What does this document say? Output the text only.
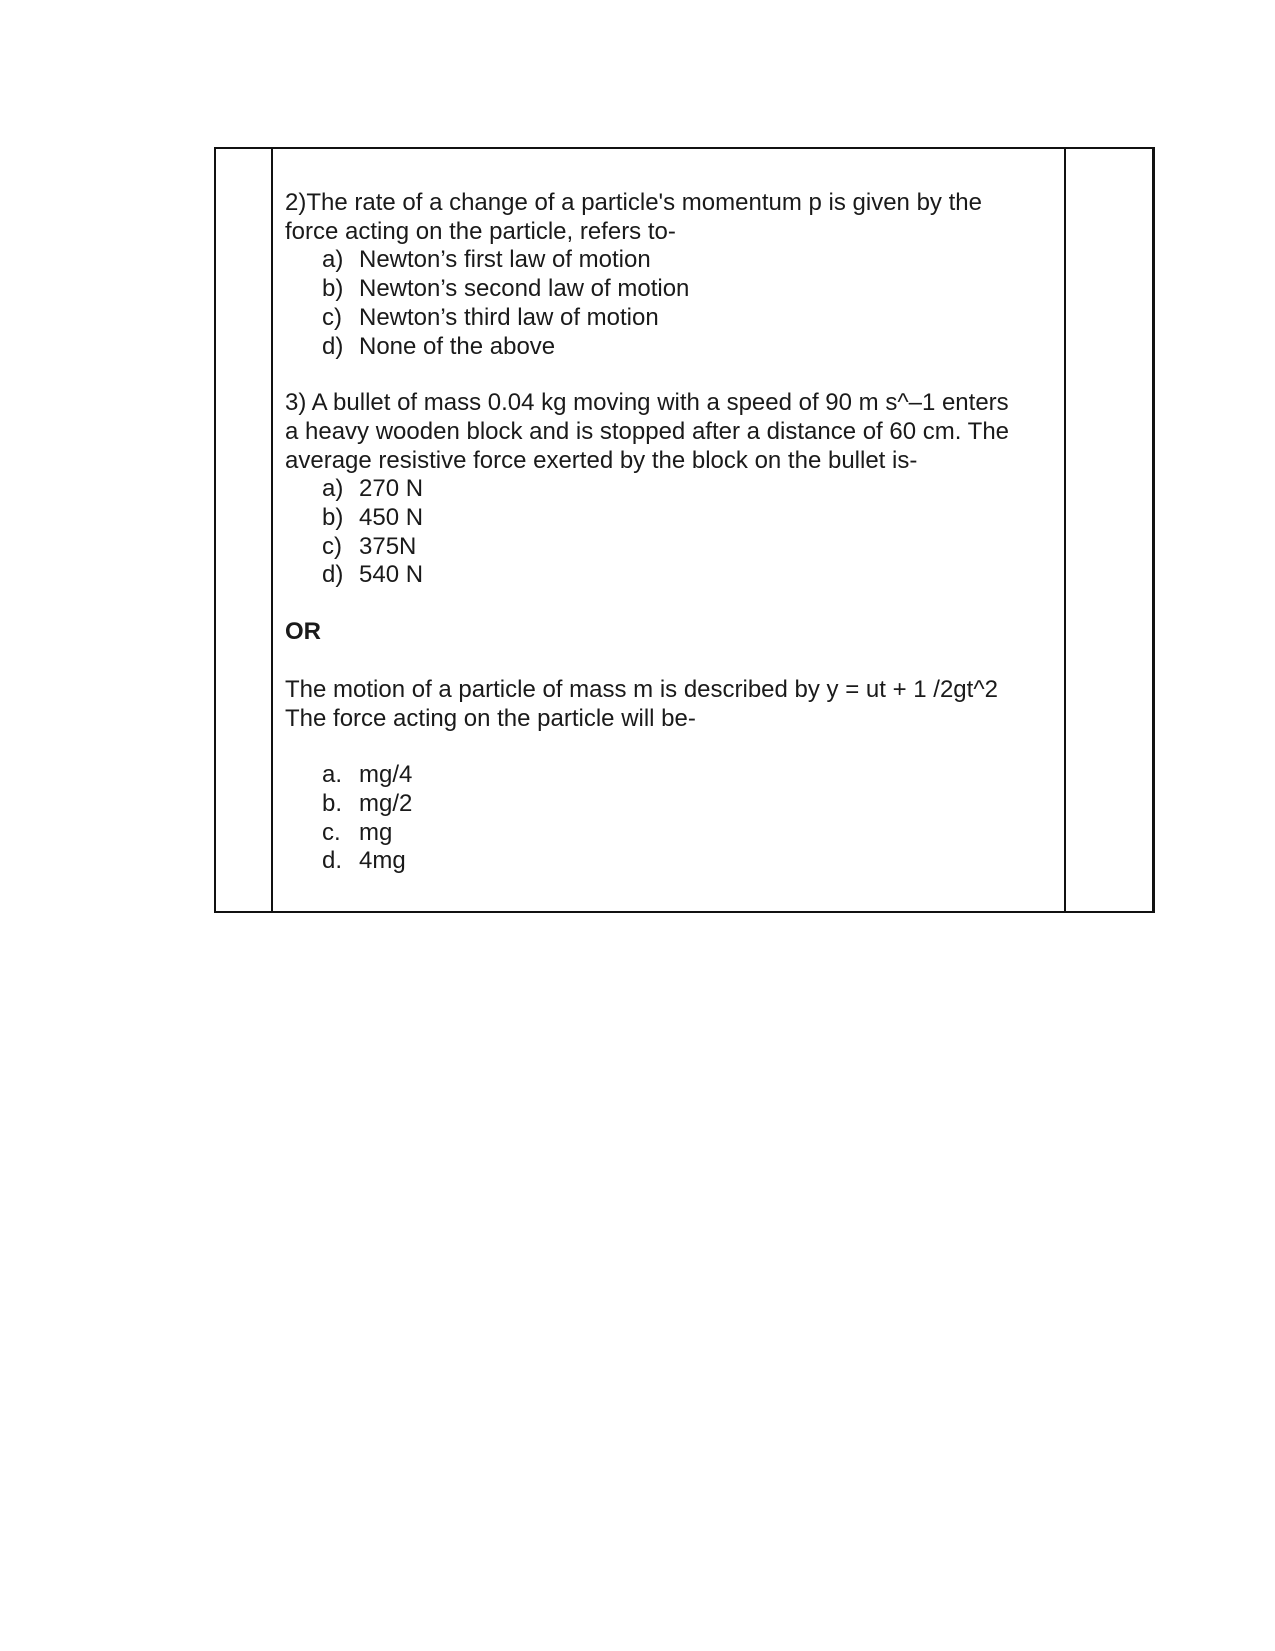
2)The rate of a change of a particle's momentum p is given by the
force acting on the particle, refers to-

a) Newton’s first law of motion
b) Newton’s second law of motion
c) Newton’s third law of motion
d) None of the above

3) A bullet of mass 0.04 kg moving with a speed of 90 m s^–1 enters
a heavy wooden block and is stopped after a distance of 60 cm. The
average resistive force exerted by the block on the bullet is-

a) 270 N
b) 450 N
c) 375N
d) 540 N

OR

The motion of a particle of mass m is described by y = ut + 1 /2gt^2
The force acting on the particle will be-

a. mg/4
b. mg/2
c. mg
d. 4mg
